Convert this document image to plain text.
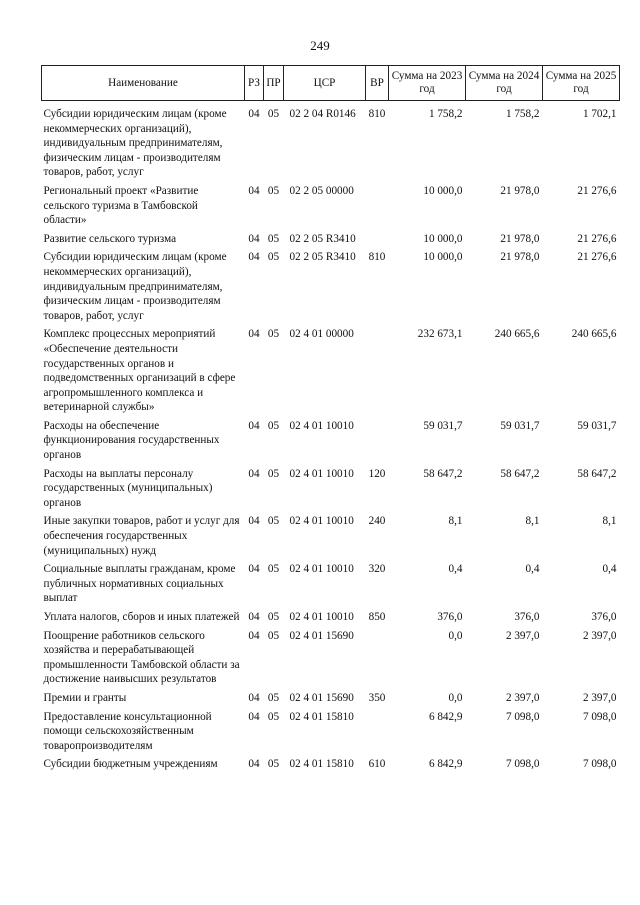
249
Наименование	РЗ	ПР	ЦСР	ВР	Сумма на 2023 год	Сумма на 2024 год	Сумма на 2025 год
Субсидии юридическим лицам (кроме некоммерческих организаций), индивидуальным предпринимателям, физическим лицам - производителям товаров, работ, услуг	04	05	02 2 04 R0146	810	1 758,2	1 758,2	1 702,1
Региональный проект «Развитие сельского туризма в Тамбовской области»	04	05	02 2 05 00000		10 000,0	21 978,0	21 276,6
Развитие сельского туризма	04	05	02 2 05 R3410		10 000,0	21 978,0	21 276,6
Субсидии юридическим лицам (кроме некоммерческих организаций), индивидуальным предпринимателям, физическим лицам - производителям товаров, работ, услуг	04	05	02 2 05 R3410	810	10 000,0	21 978,0	21 276,6
Комплекс процессных мероприятий «Обеспечение деятельности государственных органов и подведомственных организаций в сфере агропромышленного комплекса и ветеринарной службы»	04	05	02 4 01 00000		232 673,1	240 665,6	240 665,6
Расходы на обеспечение функционирования государственных органов	04	05	02 4 01 10010		59 031,7	59 031,7	59 031,7
Расходы на выплаты персоналу государственных (муниципальных) органов	04	05	02 4 01 10010	120	58 647,2	58 647,2	58 647,2
Иные закупки товаров, работ и услуг для обеспечения государственных (муниципальных) нужд	04	05	02 4 01 10010	240	8,1	8,1	8,1
Социальные выплаты гражданам, кроме публичных нормативных социальных выплат	04	05	02 4 01 10010	320	0,4	0,4	0,4
Уплата налогов, сборов и иных платежей	04	05	02 4 01 10010	850	376,0	376,0	376,0
Поощрение работников сельского хозяйства и перерабатывающей промышленности Тамбовской области за достижение наивысших результатов	04	05	02 4 01 15690		0,0	2 397,0	2 397,0
Премии и гранты	04	05	02 4 01 15690	350	0,0	2 397,0	2 397,0
Предоставление консультационной помощи сельскохозяйственным товаропроизводителям	04	05	02 4 01 15810		6 842,9	7 098,0	7 098,0
Субсидии бюджетным учреждениям	04	05	02 4 01 15810	610	6 842,9	7 098,0	7 098,0
